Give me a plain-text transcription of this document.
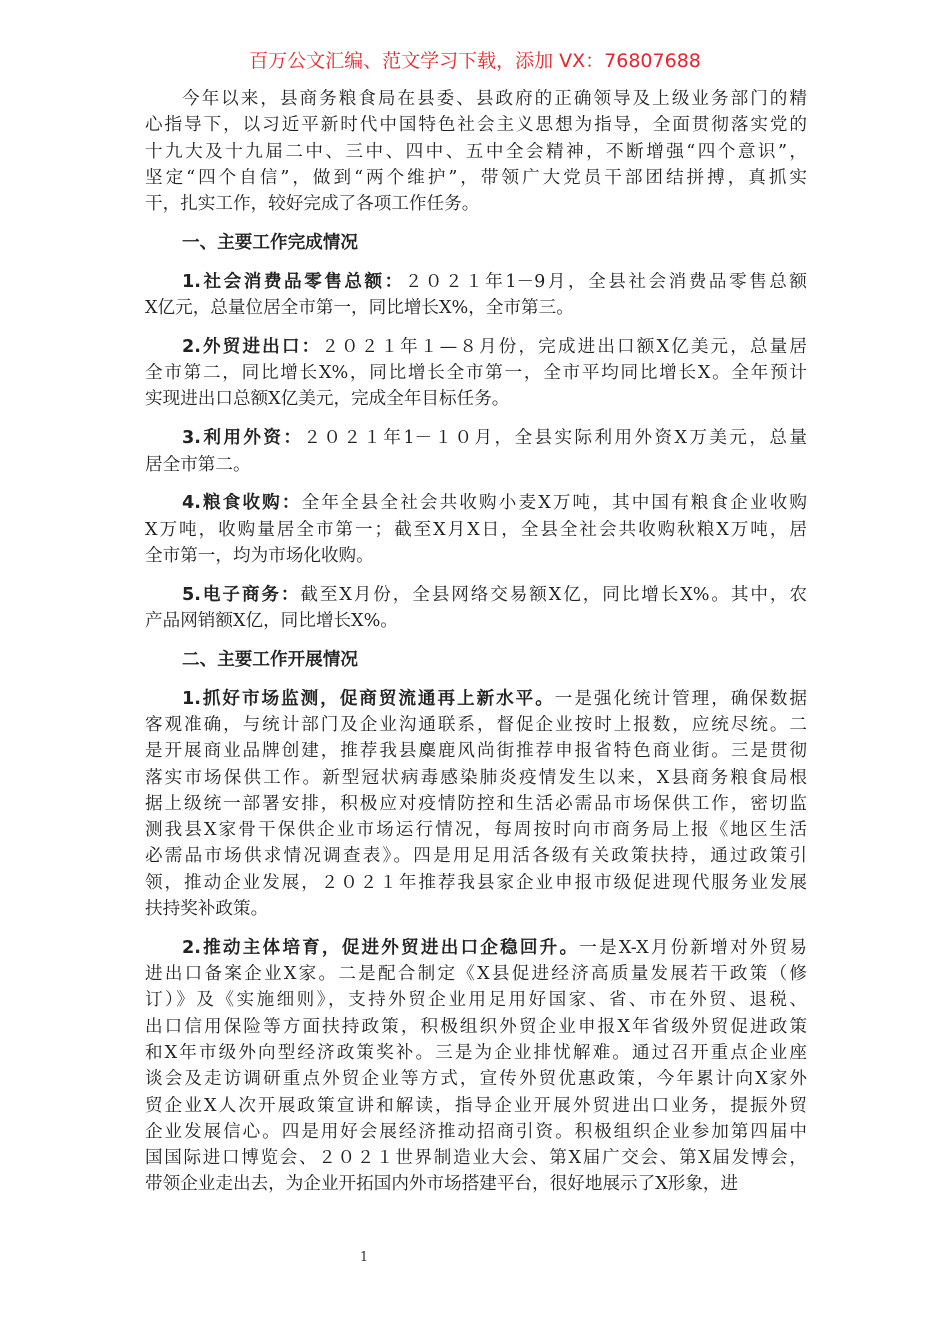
百万公文汇编、范文学习下载，添加 VX：76807688
今年以来，县商务粮食局在县委、县政府的正确领导及上级业务部门的精
心指导下，以习近平新时代中国特色社会主义思想为指导，全面贯彻落实党的
十九大及十九届二中、三中、四中、五中全会精神，不断增强“四个意识”，
坚定“四个自信”，做到“两个维护”，带领广大党员干部团结拼搏，真抓实
干，扎实工作，较好完成了各项工作任务。
一、主要工作完成情况
1.社会消费品零售总额：２０２１年1－9月，全县社会消费品零售总额
X亿元，总量位居全市第一，同比增长X%，全市第三。
2.外贸进出口：２０２１年１—８月份，完成进出口额X亿美元，总量居
全市第二，同比增长X%，同比增长全市第一，全市平均同比增长X。全年预计
实现进出口总额X亿美元，完成全年目标任务。
3.利用外资：２０２１年1－１０月，全县实际利用外资X万美元，总量
居全市第二。
4.粮食收购：全年全县全社会共收购小麦X万吨，其中国有粮食企业收购
X万吨，收购量居全市第一；截至X月X日，全县全社会共收购秋粮X万吨，居
全市第一，均为市场化收购。
5.电子商务：截至X月份，全县网络交易额X亿，同比增长X%。其中，农
产品网销额X亿，同比增长X%。
二、主要工作开展情况
1.抓好市场监测，促商贸流通再上新水平。一是强化统计管理，确保数据
客观准确，与统计部门及企业沟通联系，督促企业按时上报数，应统尽统。二
是开展商业品牌创建，推荐我县麋鹿风尚街推荐申报省特色商业街。三是贯彻
落实市场保供工作。新型冠状病毒感染肺炎疫情发生以来，X县商务粮食局根
据上级统一部署安排，积极应对疫情防控和生活必需品市场保供工作，密切监
测我县X家骨干保供企业市场运行情况，每周按时向市商务局上报《地区生活
必需品市场供求情况调查表》。四是用足用活各级有关政策扶持，通过政策引
领，推动企业发展，２０２１年推荐我县家企业申报市级促进现代服务业发展
扶持奖补政策。
2.推动主体培育，促进外贸进出口企稳回升。一是X-X月份新增对外贸易
进出口备案企业X家。二是配合制定《X县促进经济高质量发展若干政策（修
订）》及《实施细则》，支持外贸企业用足用好国家、省、市在外贸、退税、
出口信用保险等方面扶持政策，积极组织外贸企业申报X年省级外贸促进政策
和X年市级外向型经济政策奖补。三是为企业排忧解难。通过召开重点企业座
谈会及走访调研重点外贸企业等方式，宣传外贸优惠政策，今年累计向X家外
贸企业X人次开展政策宣讲和解读，指导企业开展外贸进出口业务，提振外贸
企业发展信心。四是用好会展经济推动招商引资。积极组织企业参加第四届中
国国际进口博览会、２０２１世界制造业大会、第X届广交会、第X届发博会，
带领企业走出去，为企业开拓国内外市场搭建平台，很好地展示了X形象，进
1
